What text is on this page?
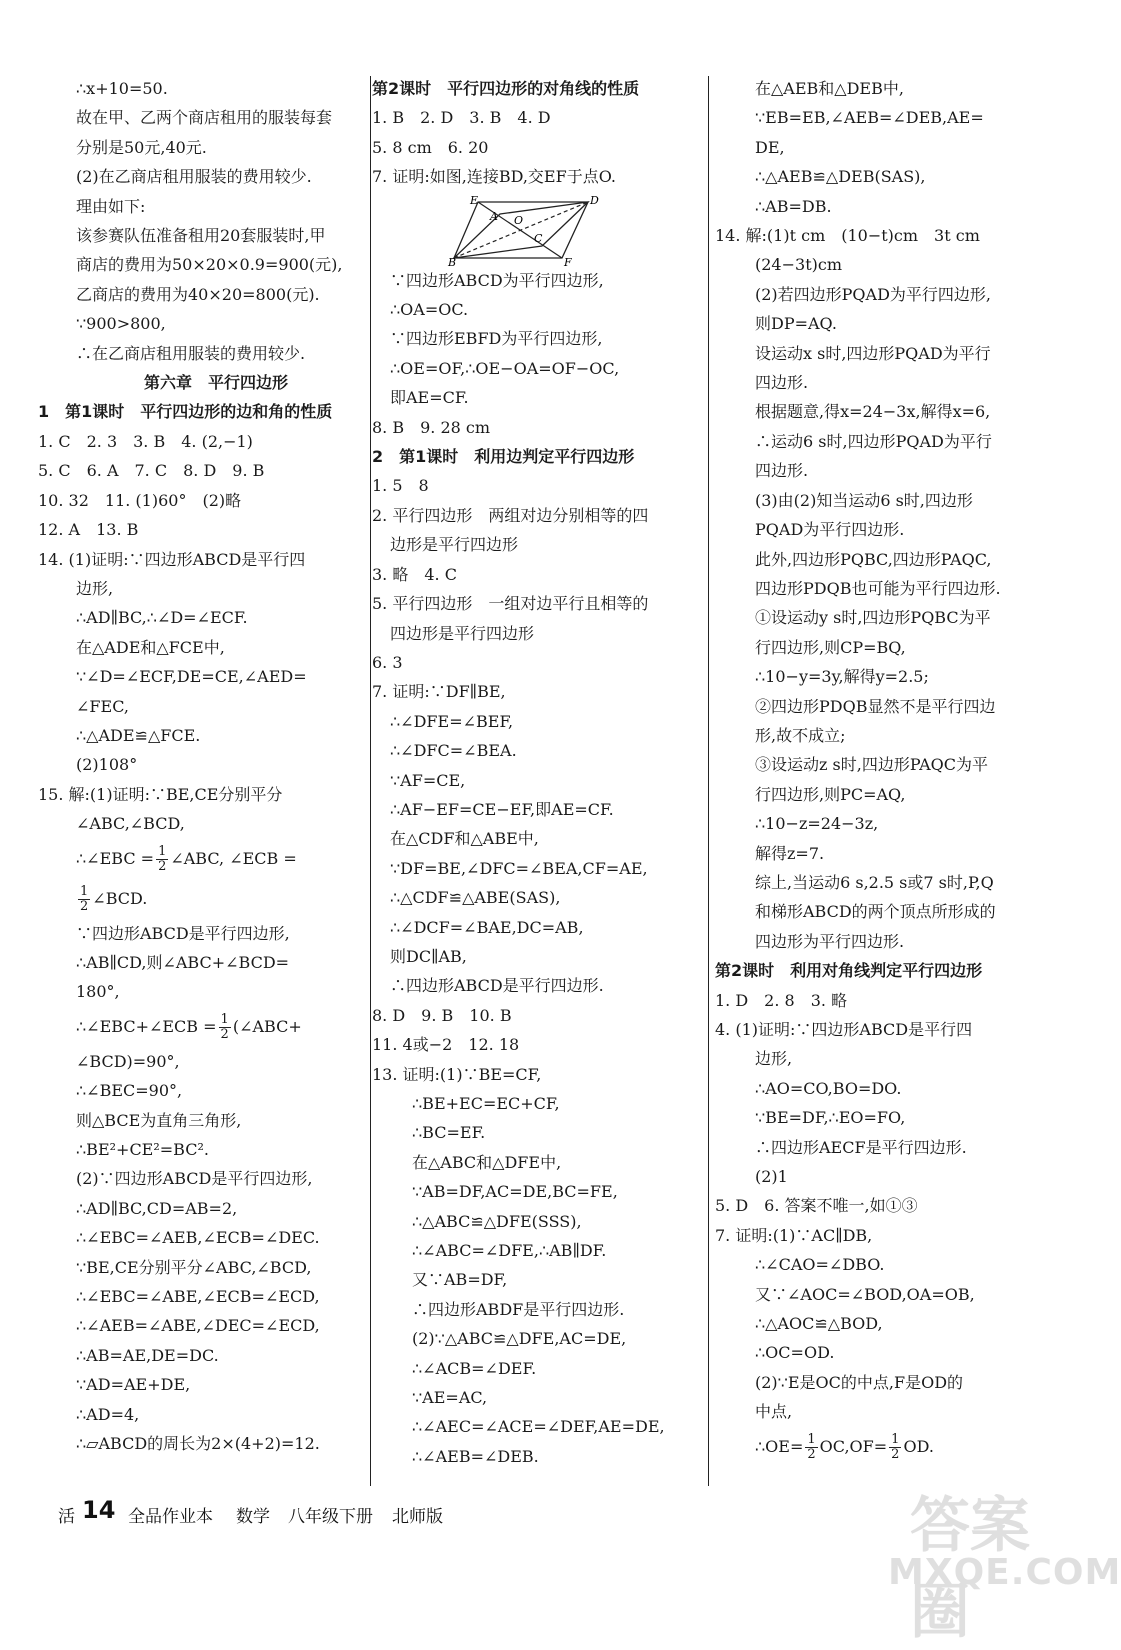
∴x+10=50.

故在甲、乙两个商店租用的服装每套

分别是50元,40元.

(2)在乙商店租用服装的费用较少.

理由如下:

该参赛队伍准备租用20套服装时,甲

商店的费用为50×20×0.9=900(元),

乙商店的费用为40×20=800(元).

∵900>800,

∴在乙商店租用服装的费用较少.

第六章　平行四边形

1　第1课时　平行四边形的边和角的性质

1. C　2. 3　3. B　4. (2,−1)

5. C　6. A　7. C　8. D　9. B

10. 32　11. (1)60°　(2)略

12. A　13. B

14. (1)证明:∵四边形ABCD是平行四

边形,

∴AD∥BC,∴∠D=∠ECF.

在△ADE和△FCE中,

∵∠D=∠ECF,DE=CE,∠AED=

∠FEC,

∴△ADE≌△FCE.

(2)108°

15. 解:(1)证明:∵BE,CE分别平分

∠ABC,∠BCD,

∴∠EBC = $\frac{1}{2}$ ∠ABC, ∠ECB =

$\frac{1}{2}$ ∠BCD.

∵四边形ABCD是平行四边形,

∴AB∥CD,则∠ABC+∠BCD=

180°,

∴∠EBC+∠ECB = $\frac{1}{2}$ (∠ABC+

∠BCD)=90°,

∴∠BEC=90°,

则△BCE为直角三角形,

∴BE²+CE²=BC².

(2)∵四边形ABCD是平行四边形,

∴AD∥BC,CD=AB=2,

∴∠EBC=∠AEB,∠ECB=∠DEC.

∵BE,CE分别平分∠ABC,∠BCD,

∴∠EBC=∠ABE,∠ECB=∠ECD,

∴∠AEB=∠ABE,∠DEC=∠ECD,

∴AB=AE,DE=DC.

∵AD=AE+DE,

∴AD=4,

∴▱ABCD的周长为2×(4+2)=12.

第2课时　平行四边形的对角线的性质

1. B　2. D　3. B　4. D

5. 8 cm　6. 20

7. 证明:如图,连接BD,交EF于点O.

E	D
A O
C
B	F

∵四边形ABCD为平行四边形,

∴OA=OC.

∵四边形EBFD为平行四边形,

∴OE=OF,∴OE−OA=OF−OC,

即AE=CF.

8. B　9. 28 cm

2　第1课时　利用边判定平行四边形

1. 5　8

2. 平行四边形　两组对边分别相等的四

边形是平行四边形

3. 略　4. C

5. 平行四边形　一组对边平行且相等的

四边形是平行四边形

6. 3

7. 证明:∵DF∥BE,

∴∠DFE=∠BEF,

∴∠DFC=∠BEA.

∵AF=CE,

∴AF−EF=CE−EF,即AE=CF.

在△CDF和△ABE中,

∵DF=BE,∠DFC=∠BEA,CF=AE,

∴△CDF≌△ABE(SAS),

∴∠DCF=∠BAE,DC=AB,

则DC∥AB,

∴四边形ABCD是平行四边形.

8. D　9. B　10. B

11. 4或−2　12. 18

13. 证明:(1)∵BE=CF,

∴BE+EC=EC+CF,

∴BC=EF.

在△ABC和△DFE中,

∵AB=DF,AC=DE,BC=FE,

∴△ABC≌△DFE(SSS),

∴∠ABC=∠DFE,∴AB∥DF.

又∵AB=DF,

∴四边形ABDF是平行四边形.

(2)∵△ABC≌△DFE,AC=DE,

∴∠ACB=∠DEF.

∵AE=AC,

∴∠AEC=∠ACE=∠DEF,AE=DE,

∴∠AEB=∠DEB.

在△AEB和△DEB中,

∵EB=EB,∠AEB=∠DEB,AE=

DE,

∴△AEB≌△DEB(SAS),

∴AB=DB.

14. 解:(1)t cm　(10−t)cm　3t cm

(24−3t)cm

(2)若四边形PQAD为平行四边形,

则DP=AQ.

设运动x s时,四边形PQAD为平行

四边形.

根据题意,得x=24−3x,解得x=6,

∴运动6 s时,四边形PQAD为平行

四边形.

(3)由(2)知当运动6 s时,四边形

PQAD为平行四边形.

此外,四边形PQBC,四边形PAQC,

四边形PDQB也可能为平行四边形.

①设运动y s时,四边形PQBC为平

行四边形,则CP=BQ,

∴10−y=3y,解得y=2.5;

②四边形PDQB显然不是平行四边

形,故不成立;

③设运动z s时,四边形PAQC为平

行四边形,则PC=AQ,

∴10−z=24−3z,

解得z=7.

综上,当运动6 s,2.5 s或7 s时,P,Q

和梯形ABCD的两个顶点所形成的

四边形为平行四边形.

第2课时　利用对角线判定平行四边形

1. D　2. 8　3. 略

4. (1)证明:∵四边形ABCD是平行四

边形,

∴AO=CO,BO=DO.

∵BE=DF,∴EO=FO,

∴四边形AECF是平行四边形.

(2)1

5. D　6. 答案不唯一,如①③

7. 证明:(1)∵AC∥DB,

∴∠CAO=∠DBO.

又∵∠AOC=∠BOD,OA=OB,

∴△AOC≌△BOD,

∴OC=OD.

(2)∵E是OC的中点,F是OD的

中点,

∴OE= $\frac{1}{2} OC,OF= \frac{1}{2}$ OD.

活 14 全品作业本 数学 八年级下册 北师版	答案圈
MXQE.COM
